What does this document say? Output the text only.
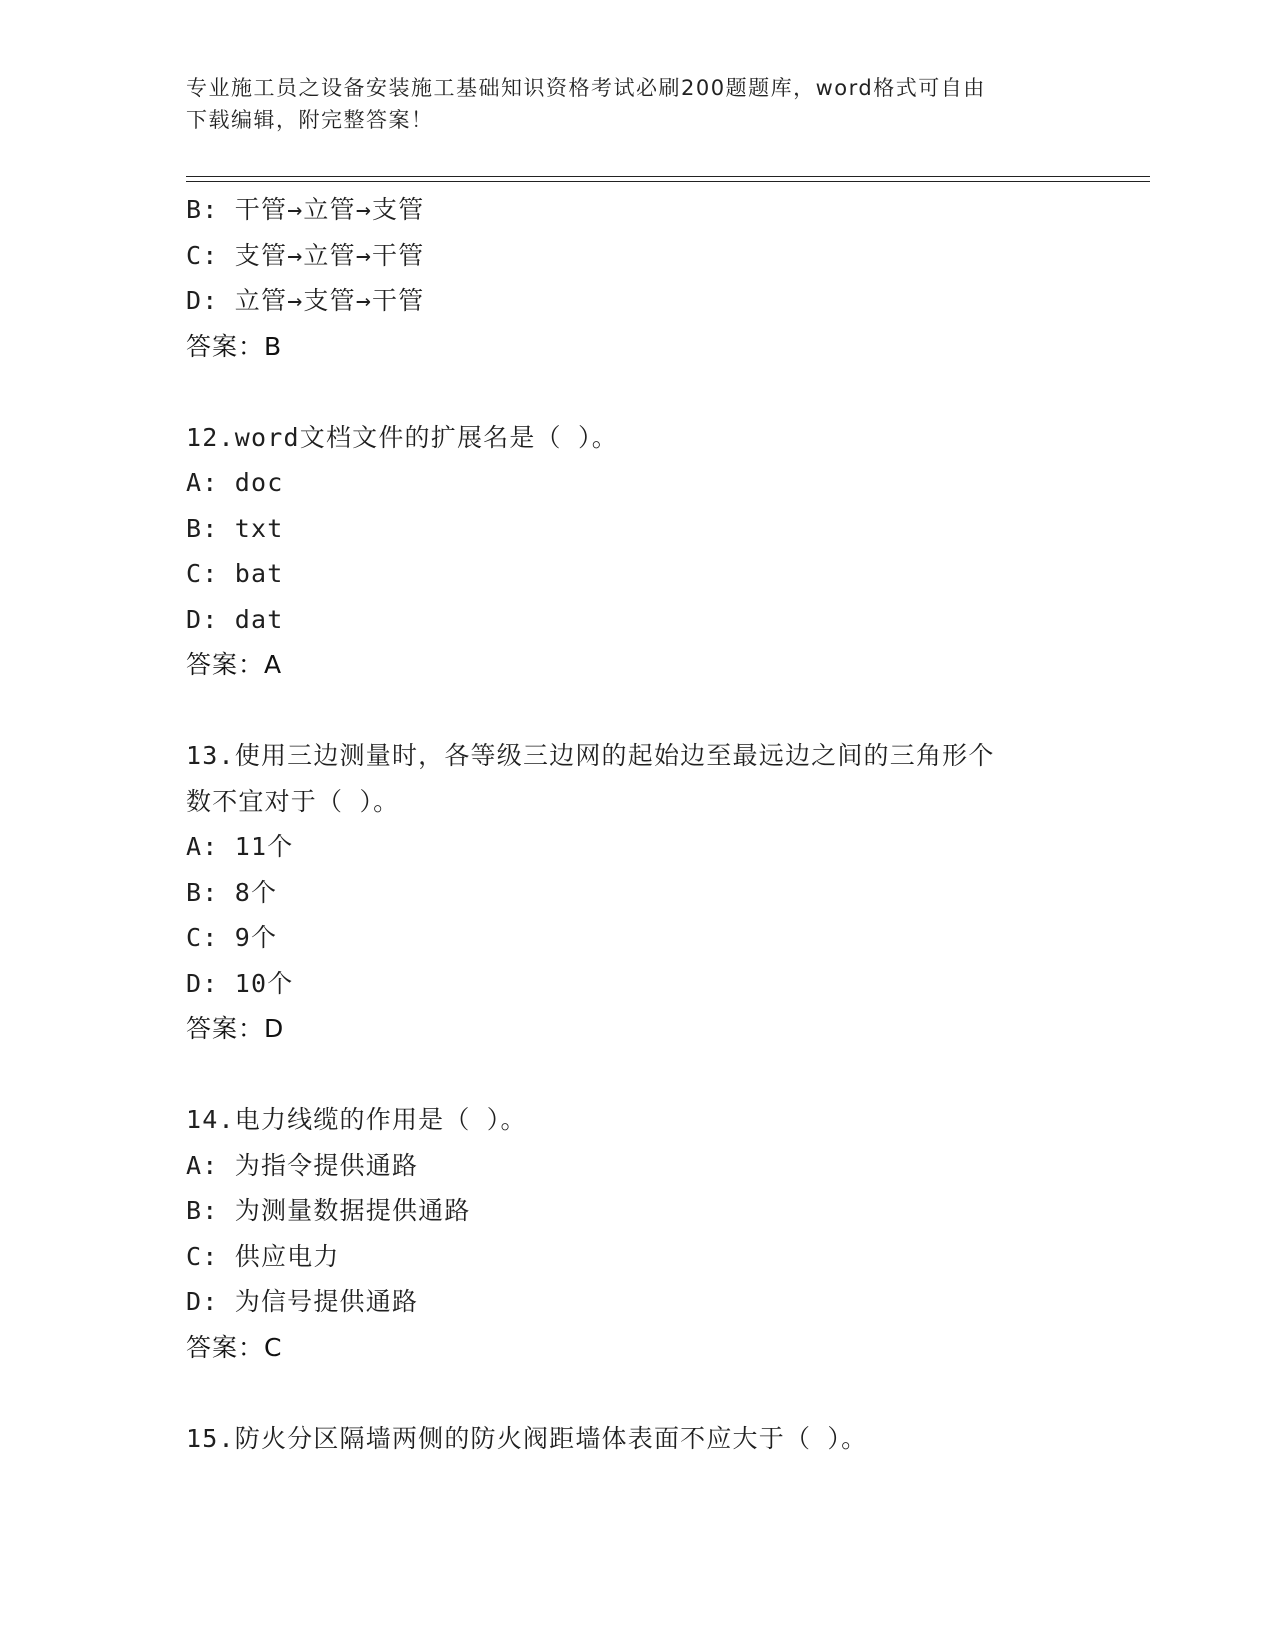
专业施工员之设备安装施工基础知识资格考试必刷200题题库，word格式可自由
下载编辑，附完整答案！
B: 干管→立管→支管
C: 支管→立管→干管
D: 立管→支管→干管
答案：B
12.word文档文件的扩展名是（ ）。
A: doc
B: txt
C: bat
D: dat
答案：A
13.使用三边测量时，各等级三边网的起始边至最远边之间的三角形个
数不宜对于（ ）。
A: 11个
B: 8个
C: 9个
D: 10个
答案：D
14.电力线缆的作用是（ ）。
A: 为指令提供通路
B: 为测量数据提供通路
C: 供应电力
D: 为信号提供通路
答案：C
15.防火分区隔墙两侧的防火阀距墙体表面不应大于（ ）。
